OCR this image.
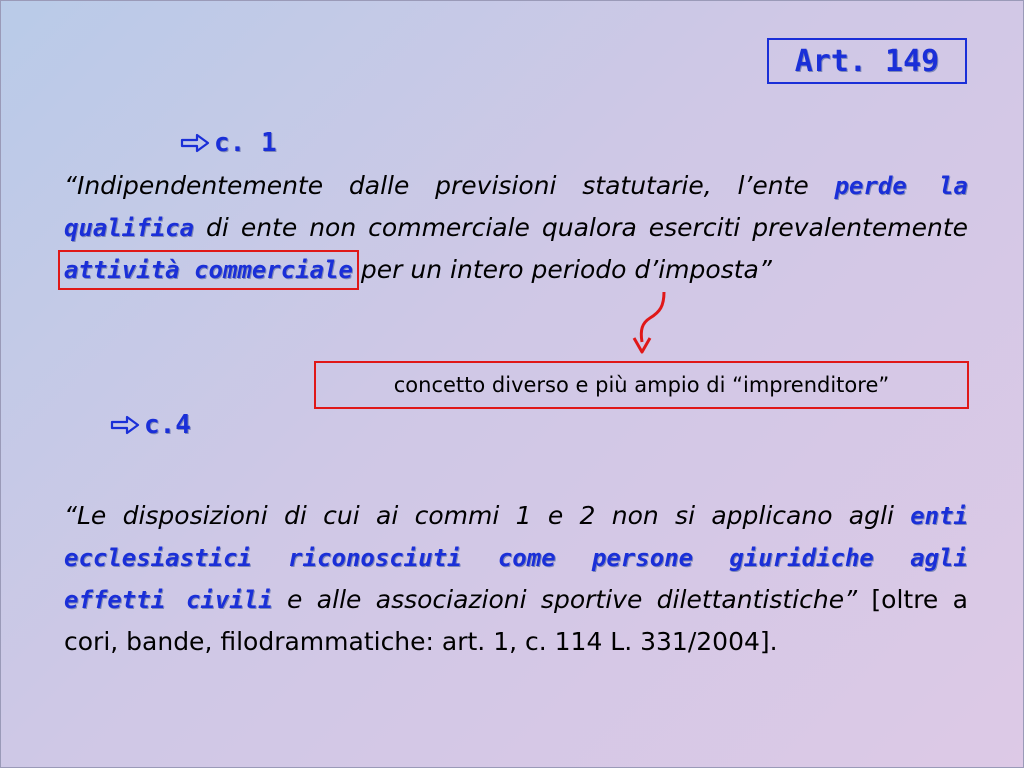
Art. 149
c. 1
“Indipendentemente dalle previsioni statutarie, l’ente perde la qualifica di ente non commerciale qualora eserciti prevalentemente attività commerciale per un intero periodo d’imposta”
concetto diverso e più ampio di “imprenditore”
c.4
“Le disposizioni di cui ai commi 1 e 2 non si applicano agli enti ecclesiastici riconosciuti come persone giuridiche agli effetti civili e alle associazioni sportive dilettantistiche” [oltre a cori, bande, filodrammatiche: art. 1, c. 114 L. 331/2004].
